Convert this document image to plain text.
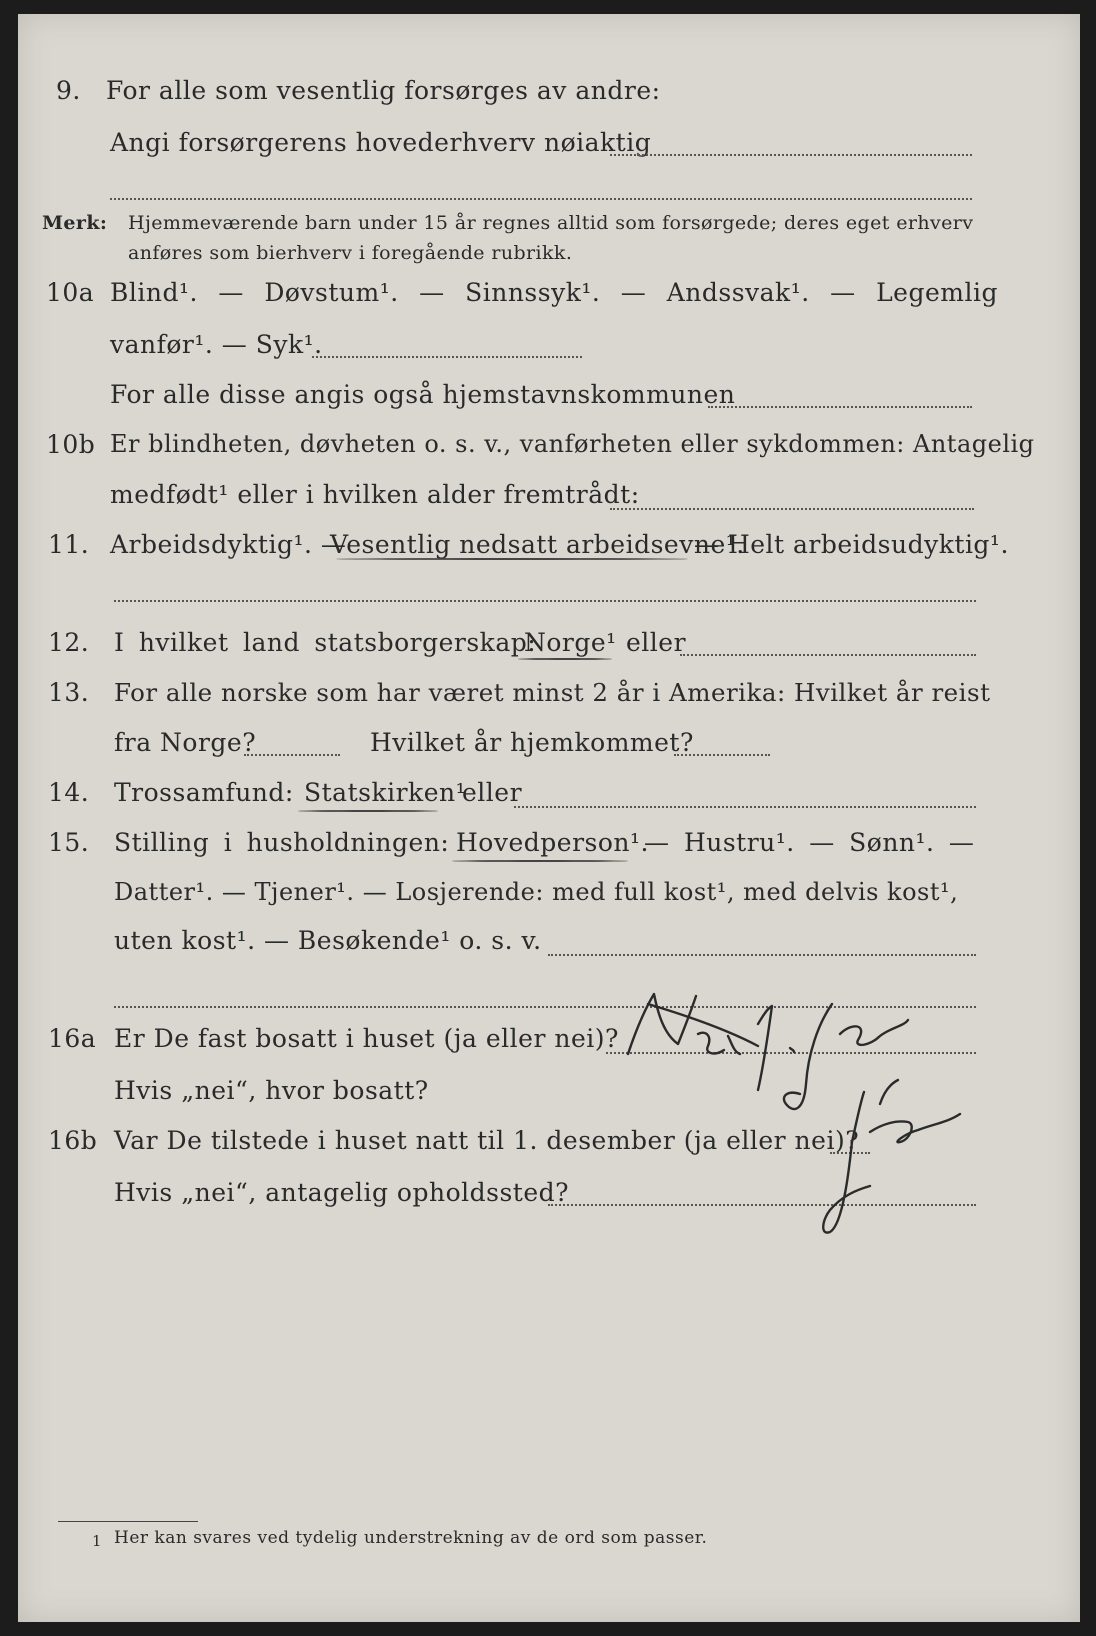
9. For alle som vesentlig forsørges av andre:
Angi forsørgerens hovederhverv nøiaktig
Merk: Hjemmeværende barn under 15 år regnes alltid som forsørgede; deres eget erhverv
anføres som bierhverv i foregående rubrikk.
10a Blind¹. — Døvstum¹. — Sinnssyk¹. — Andssvak¹. — Legemlig
vanfør¹. — Syk¹.
For alle disse angis også hjemstavnskommunen
10b Er blindheten, døvheten o. s. v., vanførheten eller sykdommen: Antagelig
medfødt¹ eller i hvilken alder fremtrådt:
11. Arbeidsdyktig¹. —
Vesentlig nedsatt arbeidsevne¹.
— Helt arbeidsudyktig¹.
12. I hvilket land statsborgerskap:
Norge¹ eller
13. For alle norske som har været minst 2 år i Amerika: Hvilket år reist
fra Norge?	Hvilket år hjemkommet?
14. Trossamfund: Statskirken¹
eller
15. Stilling i husholdningen: Hovedperson¹.
— Hustru¹. — Sønn¹. —
Datter¹. — Tjener¹. — Losjerende: med full kost¹, med delvis kost¹,
uten kost¹. — Besøkende¹ o. s. v.
16a Er De fast bosatt i huset (ja eller nei)?
Hvis „nei“, hvor bosatt?
16b Var De tilstede i huset natt til 1. desember (ja eller nei)?
Hvis „nei“, antagelig opholdssted?
1 Her kan svares ved tydelig understrekning av de ord som passer.
